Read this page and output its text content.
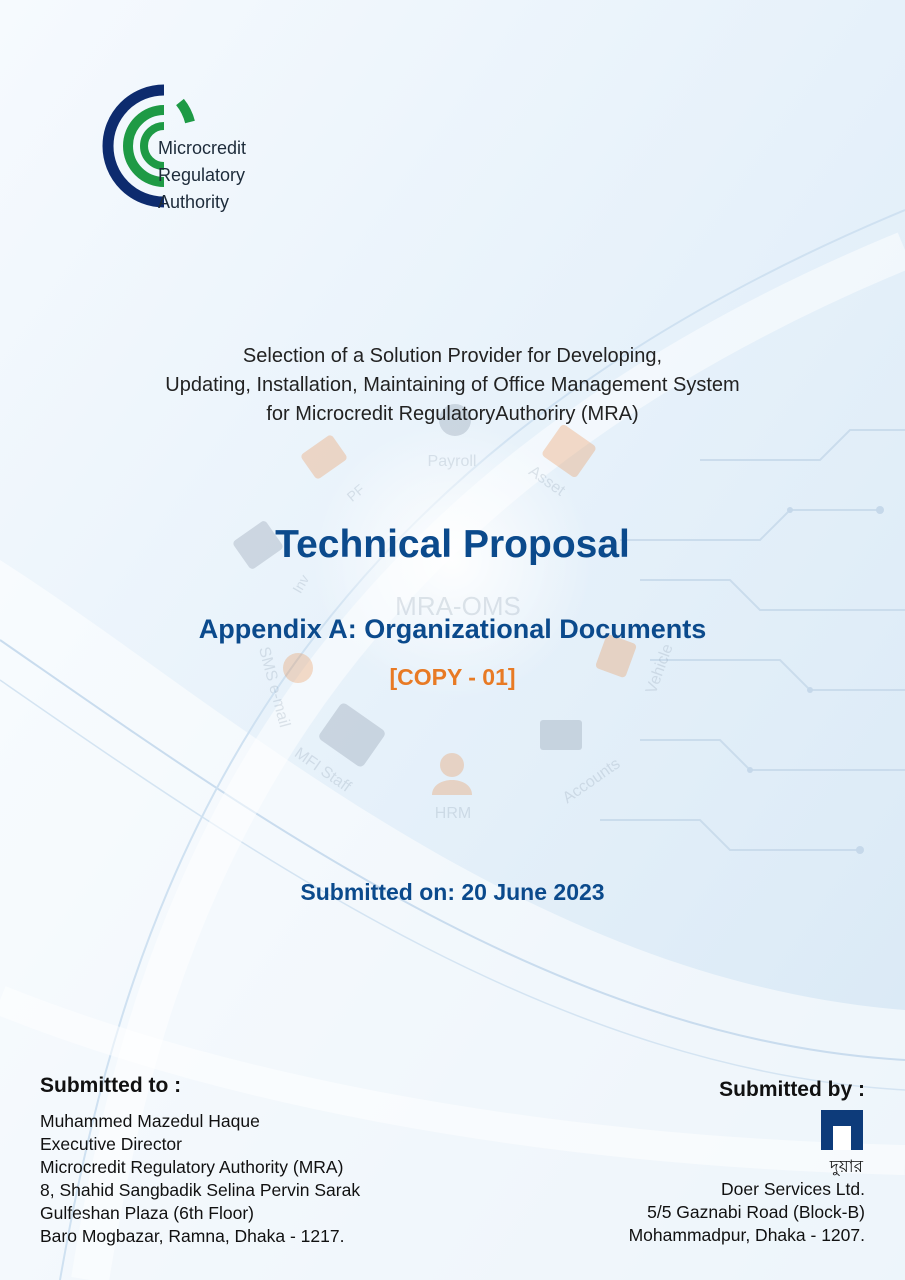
MRA-OMS
Payroll
Asset
Vehicle
Accounts
HRM
MFI Staff
SMS e-mail
Inv
PF
Microcredit
Regulatory
Authority
Selection of a Solution Provider for Developing,
Updating, Installation, Maintaining of Office Management System
for Microcredit RegulatoryAuthoriry (MRA)
Technical Proposal
Appendix A: Organizational Documents
[COPY - 01]
Submitted on: 20 June 2023
Submitted to :
Muhammed Mazedul Haque
Executive Director
Microcredit Regulatory Authority (MRA)
8, Shahid Sangbadik Selina Pervin Sarak
Gulfeshan Plaza (6th Floor)
Baro Mogbazar, Ramna, Dhaka - 1217.
Submitted by :
দুয়ার
Doer Services Ltd.
5/5 Gaznabi Road (Block-B)
Mohammadpur, Dhaka - 1207.
